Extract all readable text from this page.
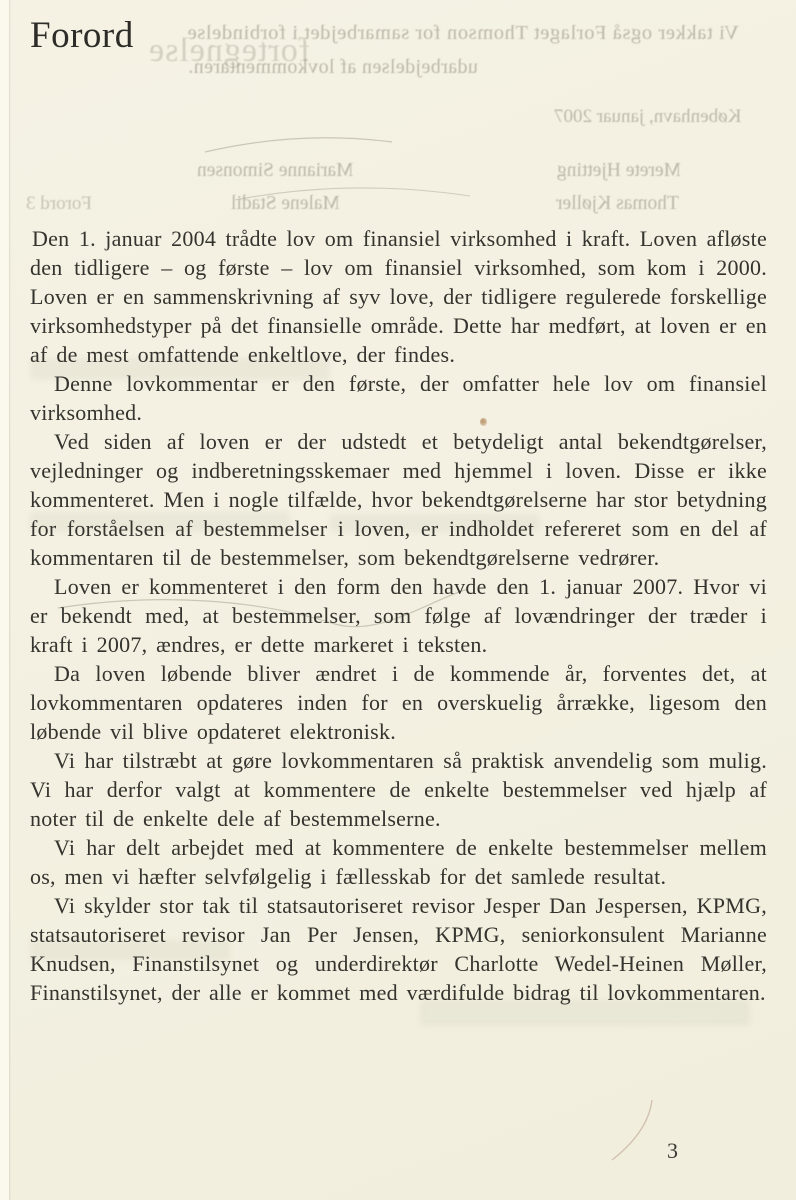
fortegnelse
Vi takker også Forlaget Thomson for samarbejdet i forbindelse
udarbejdelsen af lovkommentaren.
København, januar 2007
Merete Hjetting
Marianne Simonsen
Thomas Kjøller
Malene Stadil
Forord 3
Forord

Den 1. januar 2004 trådte lov om finansiel virksomhed i kraft. Loven afløste den tidligere – og første – lov om finansiel virksomhed, som kom i 2000. Loven er en sammenskrivning af syv love, der tidligere regulerede forskellige virksomhedstyper på det finansielle område. Dette har medført, at loven er en af de mest omfattende enkeltlove, der findes.

Denne lovkommentar er den første, der omfatter hele lov om finansiel virksomhed.

Ved siden af loven er der udstedt et betydeligt antal bekendtgørelser, vejledninger og indberetningsskemaer med hjemmel i loven. Disse er ikke kommenteret. Men i nogle tilfælde, hvor bekendtgørelserne har stor betydning for forståelsen af bestemmelser i loven, er indholdet refereret som en del af kommentaren til de bestemmelser, som bekendtgørelserne vedrører.

Loven er kommenteret i den form den havde den 1. januar 2007. Hvor vi er bekendt med, at bestemmelser, som følge af lovændringer der træder i kraft i 2007, ændres, er dette markeret i teksten.

Da loven løbende bliver ændret i de kommende år, forventes det, at lovkommentaren opdateres inden for en overskuelig årrække, ligesom den løbende vil blive opdateret elektronisk.

Vi har tilstræbt at gøre lovkommentaren så praktisk anvendelig som mulig. Vi har derfor valgt at kommentere de enkelte bestemmelser ved hjælp af noter til de enkelte dele af bestemmelserne.

Vi har delt arbejdet med at kommentere de enkelte bestemmelser mellem os, men vi hæfter selvfølgelig i fællesskab for det samlede resultat.

Vi skylder stor tak til statsautoriseret revisor Jesper Dan Jespersen, KPMG, statsautoriseret revisor Jan Per Jensen, KPMG, seniorkonsulent Marianne Knudsen, Finanstilsynet og underdirektør Charlotte Wedel-Heinen Møller, Finanstilsynet, der alle er kommet med værdifulde bidrag til lovkommentaren.

3
